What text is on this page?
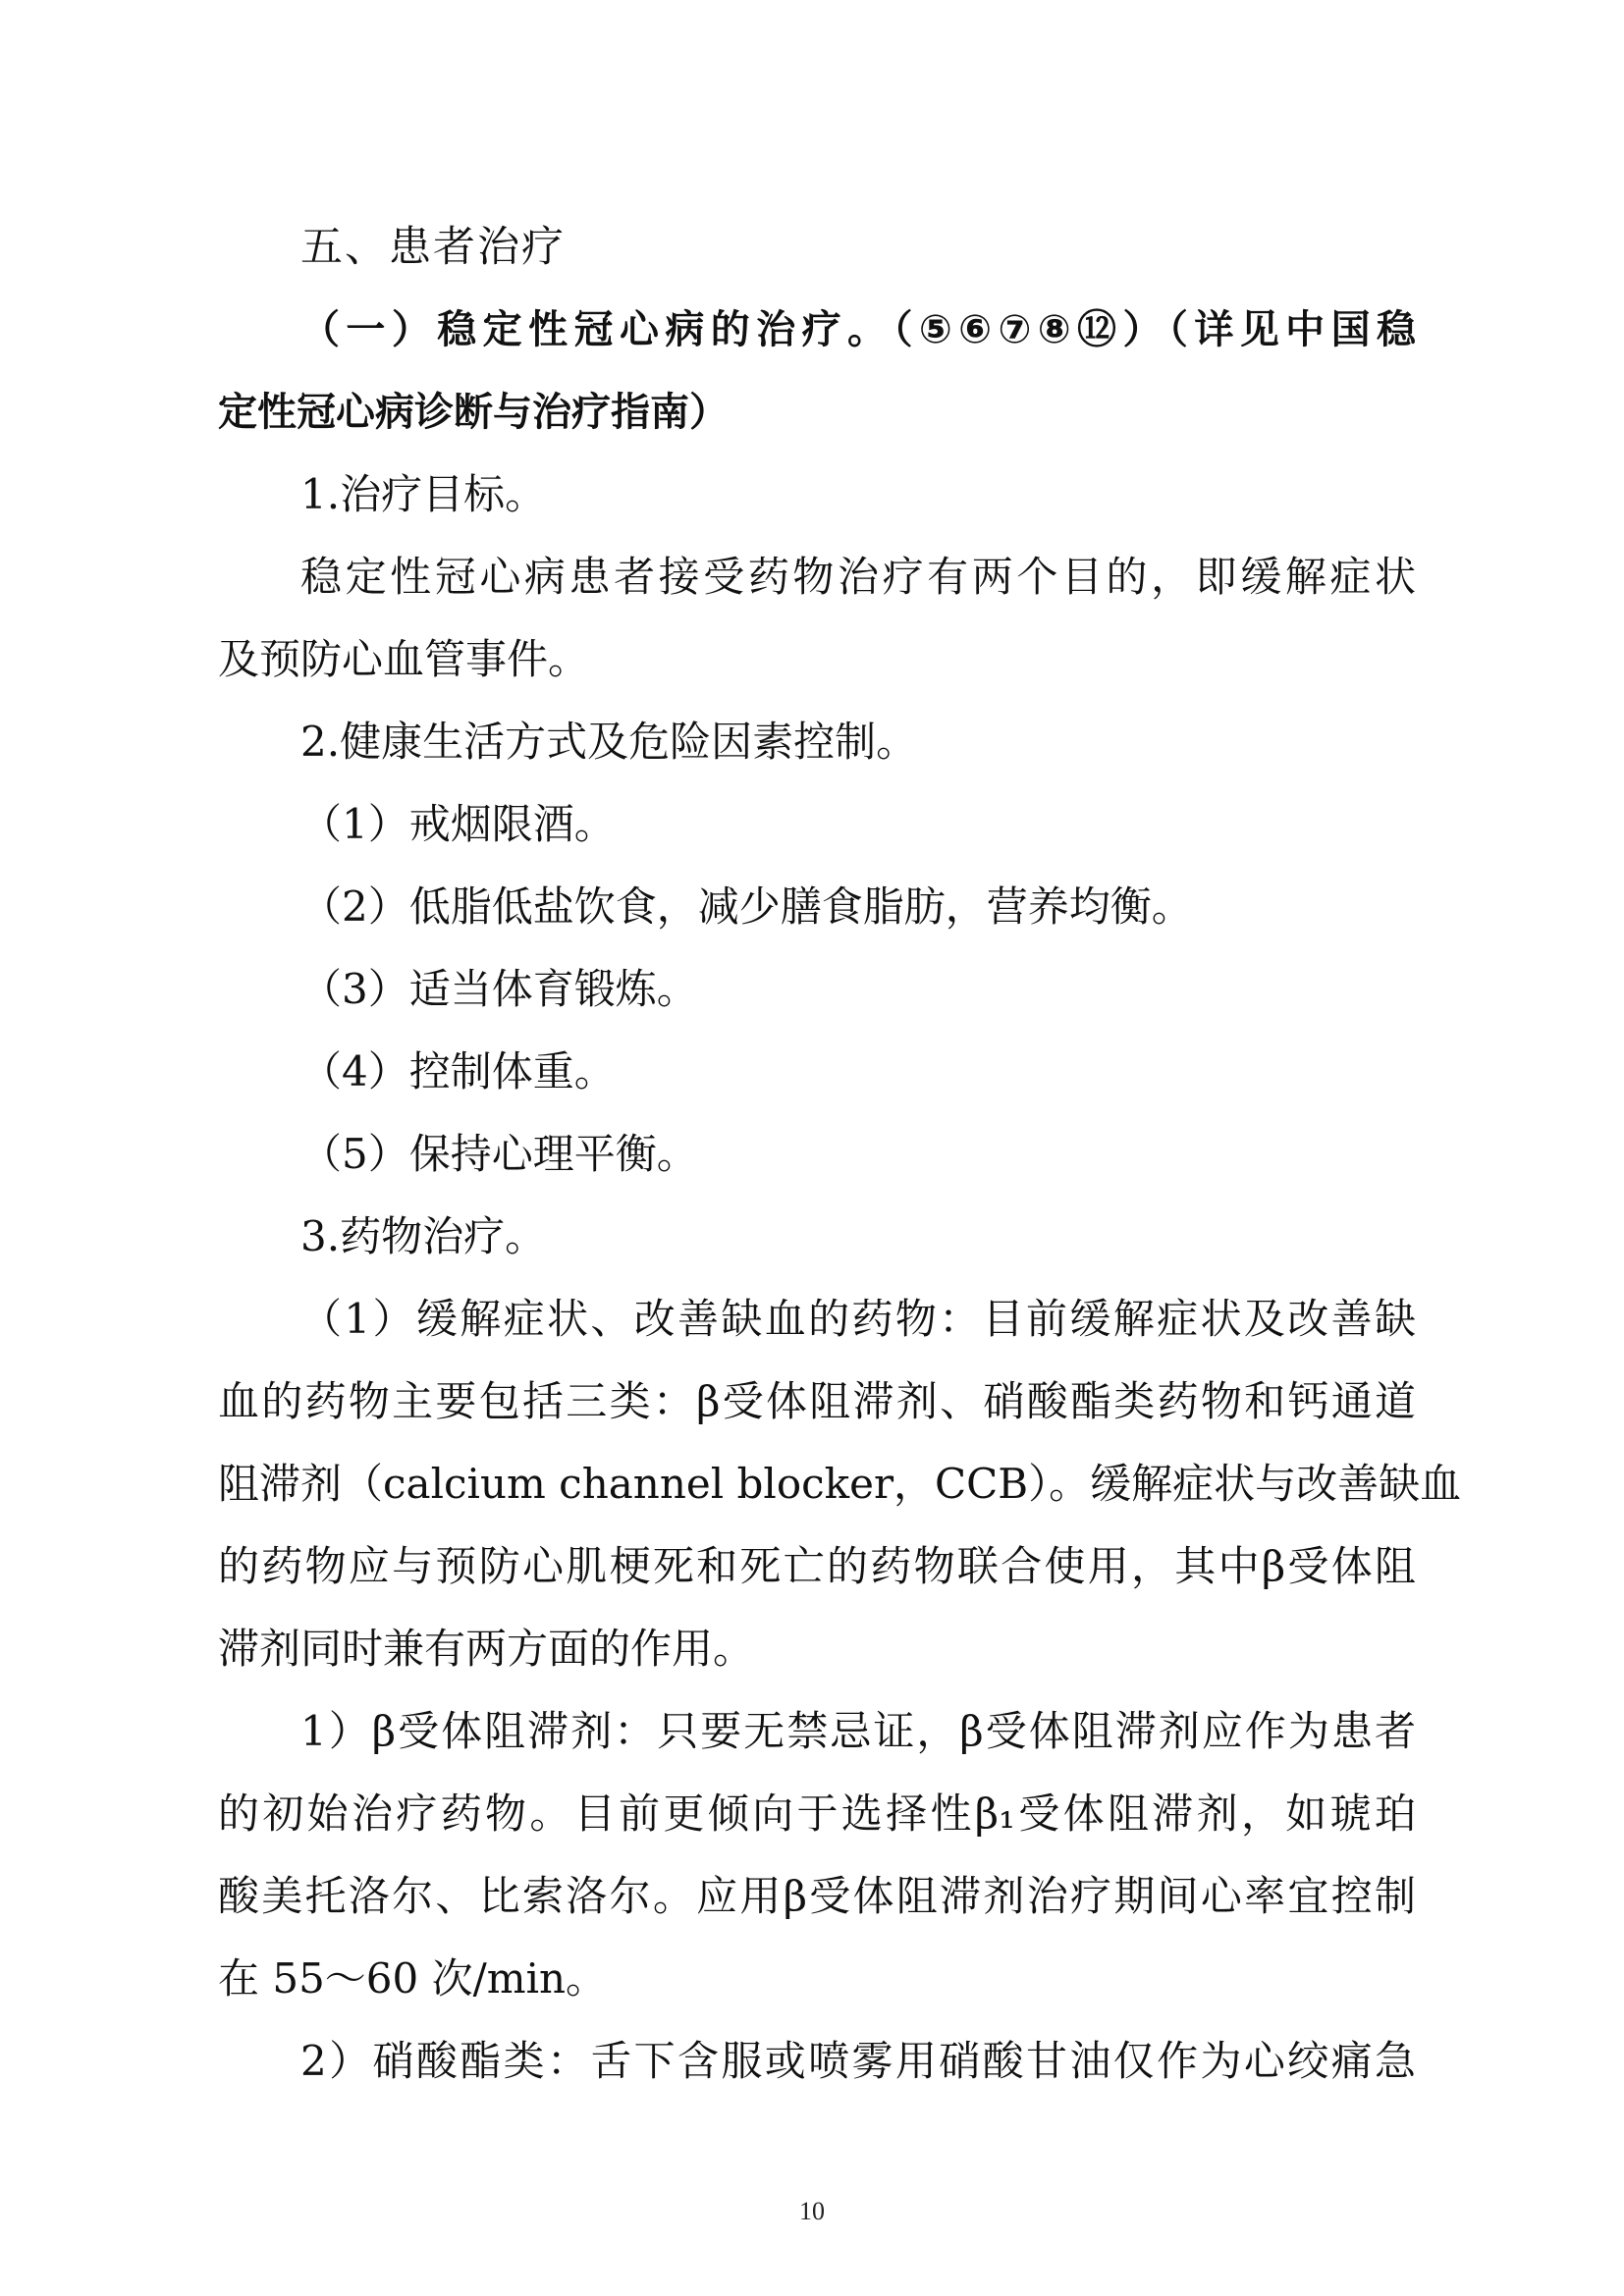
五、患者治疗
（一）稳定性冠心病的治疗。（⑤⑥⑦⑧⑫）（详见中国稳
定性冠心病诊断与治疗指南）
1.治疗目标。
稳定性冠心病患者接受药物治疗有两个目的，即缓解症状
及预防心血管事件。
2.健康生活方式及危险因素控制。
（1）戒烟限酒。
（2）低脂低盐饮食，减少膳食脂肪，营养均衡。
（3）适当体育锻炼。
（4）控制体重。
（5）保持心理平衡。
3.药物治疗。
（1）缓解症状、改善缺血的药物：目前缓解症状及改善缺
血的药物主要包括三类：β受体阻滞剂、硝酸酯类药物和钙通道
阻滞剂（calcium channel blocker，CCB）。缓解症状与改善缺血
的药物应与预防心肌梗死和死亡的药物联合使用，其中β受体阻
滞剂同时兼有两方面的作用。
1）β受体阻滞剂：只要无禁忌证，β受体阻滞剂应作为患者
的初始治疗药物。目前更倾向于选择性β₁受体阻滞剂，如琥珀
酸美托洛尔、比索洛尔。应用β受体阻滞剂治疗期间心率宜控制
在 55～60 次/min。
2）硝酸酯类：舌下含服或喷雾用硝酸甘油仅作为心绞痛急
10
